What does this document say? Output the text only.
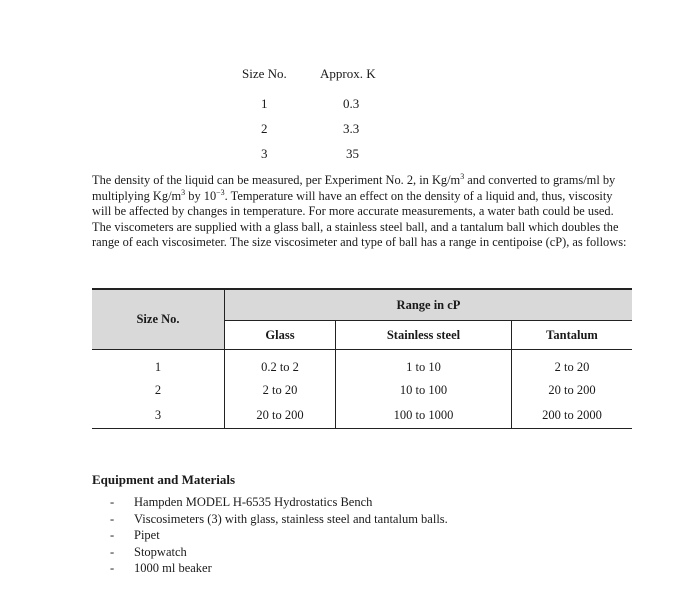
Size No.	Approx. K
1	0.3
2	3.3
3	35

The density of the liquid can be measured, per Experiment No. 2, in $Kg/m^3$ and converted to grams/ml by multiplying $Kg/m^3$ by $10^{-3}$. Temperature will have an effect on the density of a liquid and, thus, viscosity will be affected by changes in temperature. For more accurate measurements, a water bath could be used. The viscometers are supplied with a glass ball, a stainless steel ball, and a tantalum ball which doubles the range of each viscosimeter. The size viscosimeter and type of ball has a range in centipoise (cP), as follows:

Size No.	Range in cP		
	Glass	Stainless steel	Tantalum
1	0.2 to 2	1 to 10	2 to 20
2	2 to 20	10 to 100	20 to 200
3	20 to 200	100 to 1000	200 to 2000

Equipment and Materials

- Hampden MODEL H-6535 Hydrostatics Bench
- Viscosimeters (3) with glass, stainless steel and tantalum balls.
- Pipet
- Stopwatch
- 1000 ml beaker
